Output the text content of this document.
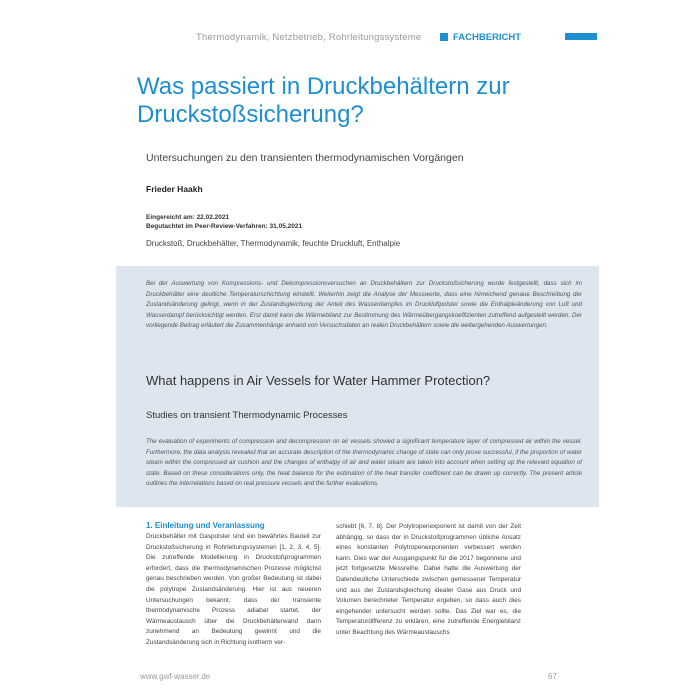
Thermodynamik, Netzbetrieb, Rohrleitungssysteme	FACHBERICHT
Was passiert in Druckbehältern zur Druckstoßsicherung?
Untersuchungen zu den transienten thermodynamischen Vorgängen
Frieder Haakh
Eingereicht am: 22.02.2021
Begutachtet im Peer-Review-Verfahren: 31.05.2021
Druckstoß, Druckbehälter, Thermodynamik, feuchte Druckluft, Enthalpie

Bei der Auswertung von Kompressions- und Dekompressionsversuchen an Druckbehältern zur Druckstoßsicherung wurde festgestellt, dass sich im Druckbehälter eine deutliche Temperaturschichtung einstellt. Weiterhin zeigt die Analyse der Messwerte, dass eine hinreichend genaue Beschreibung der Zustandsänderung gelingt, wenn in der Zustandsgleichung der Anteil des Wasserdampfes im Druckluftpolster sowie die Enthalpieänderung von Luft und Wasserdampf berücksichtigt werden. Erst damit kann die Wärmebilanz zur Bestimmung des Wärmeübergangskoeffizienten zutreffend aufgestellt werden. Der vorliegende Beitrag erläutert die Zusammenhänge anhand von Versuchsdaten an realen Druckbehältern sowie die weitergehenden Auswertungen.

What happens in Air Vessels for Water Hammer Protection?
Studies on transient Thermodynamic Processes

The evaluation of experiments of compression and decompression on air vessels showed a significant temperature layer of compressed air within the vessel. Furthermore, the data analysis revealed that an accurate description of the thermodynamic change of state can only prove successful, if the proportion of water steam within the compressed air cushion and the changes of enthalpy of air and water steam are taken into account when setting up the relevant equation of state. Based on these considerations only, the heat balance for the estimation of the heat transfer coefficient can be drawn up correctly. The present article outlines the interrelations based on real pressure vessels and the further evaluations.

1. Einleitung und Veranlassung

Druckbehälter mit Gaspolster sind ein bewährtes Bauteil zur Druckstoßsicherung in Rohrleitungssystemen [1, 2, 3, 4, 5]. Die zutreffende Modellierung in Druckstoßprogrammen erfordert, dass die thermodynamischen Prozesse möglichst genau beschrieben werden. Von großer Bedeutung ist dabei die polytrope Zustandsänderung. Hier ist aus neueren Untersuchungen bekannt, dass der transiente thermodynamische Prozess adiabat startet, der Wärmeaustausch über die Druckbehälterwand dann zunehmend an Bedeutung gewinnt und die Zustandsänderung sich in Richtung isotherm ver-

schiebt [6, 7, 8]. Der Polytropenexponent ist damit von der Zeit abhängig, so dass der in Druckstoßprogrammen übliche Ansatz eines konstanten Polytropenexponenten verbessert werden kann. Dies war der Ausgangspunkt für die 2017 begonnene und jetzt fortgesetzte Messreihe. Dabei hatte die Auswertung der Datendeutliche Unterschiede zwischen gemessener Temperatur und aus der Zustandsgleichung idealer Gase aus Druck und Volumen berechneter Temperatur ergeben, so dass auch dies eingehender untersucht werden sollte. Das Ziel war es, die Temperaturdifferenz zu erklären, eine zutreffende Energiebilanz unter Beachtung des Wärmeaustauschs

www.gwf-wasser.de	67
